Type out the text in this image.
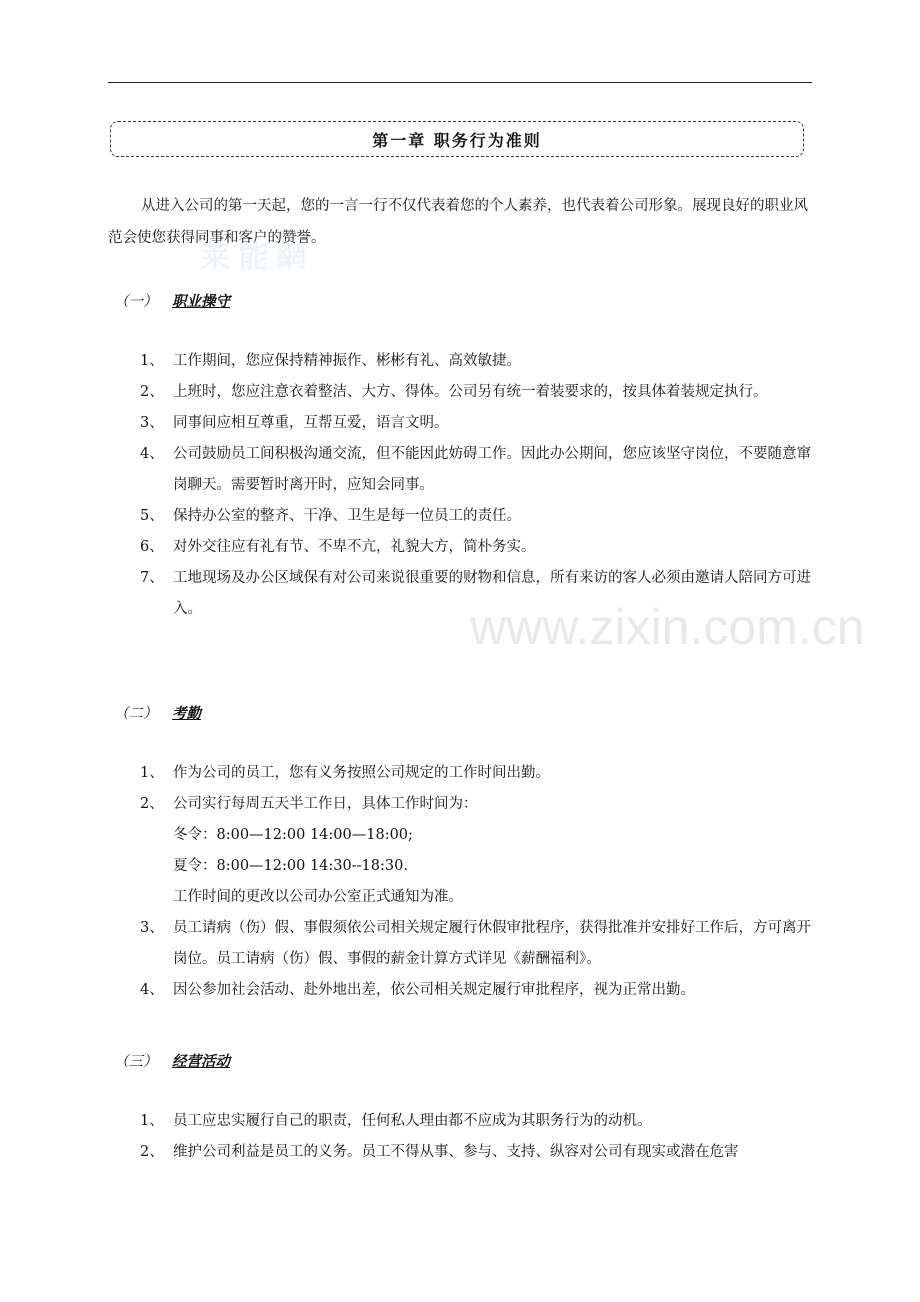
莱 能 網
www.zixin.com.cn
第一章 职务行为准则

从进入公司的第一天起，您的一言一行不仅代表着您的个人素养，也代表着公司形象。展现良好的职业风范会使您获得同事和客户的赞誉。

（一） 职业操守
1、 工作期间，您应保持精神振作、彬彬有礼、高效敏捷。
2、 上班时，您应注意衣着整洁、大方、得体。公司另有统一着装要求的，按具体着装规定执行。
3、 同事间应相互尊重，互帮互爱，语言文明。
4、 公司鼓励员工间积极沟通交流，但不能因此妨碍工作。因此办公期间，您应该坚守岗位，不要随意窜岗聊天。需要暂时离开时，应知会同事。
5、 保持办公室的整齐、干净、卫生是每一位员工的责任。
6、 对外交往应有礼有节、不卑不亢，礼貌大方，简朴务实。
7、 工地现场及办公区域保有对公司来说很重要的财物和信息，所有来访的客人必须由邀请人陪同方可进入。
（二） 考勤
1、 作为公司的员工，您有义务按照公司规定的工作时间出勤。
2、 公司实行每周五天半工作日，具体工作时间为：
冬令：8:00—12:00 14:00—18:00;
夏令：8:00—12:00 14:30--18:30.
工作时间的更改以公司办公室正式通知为准。
3、 员工请病（伤）假、事假须依公司相关规定履行休假审批程序，获得批准并安排好工作后，方可离开岗位。员工请病（伤）假、事假的薪金计算方式详见《薪酬福利》。
4、 因公参加社会活动、赴外地出差，依公司相关规定履行审批程序，视为正常出勤。
（三） 经营活动
1、 员工应忠实履行自己的职责，任何私人理由都不应成为其职务行为的动机。
2、 维护公司利益是员工的义务。员工不得从事、参与、支持、纵容对公司有现实或潜在危害
